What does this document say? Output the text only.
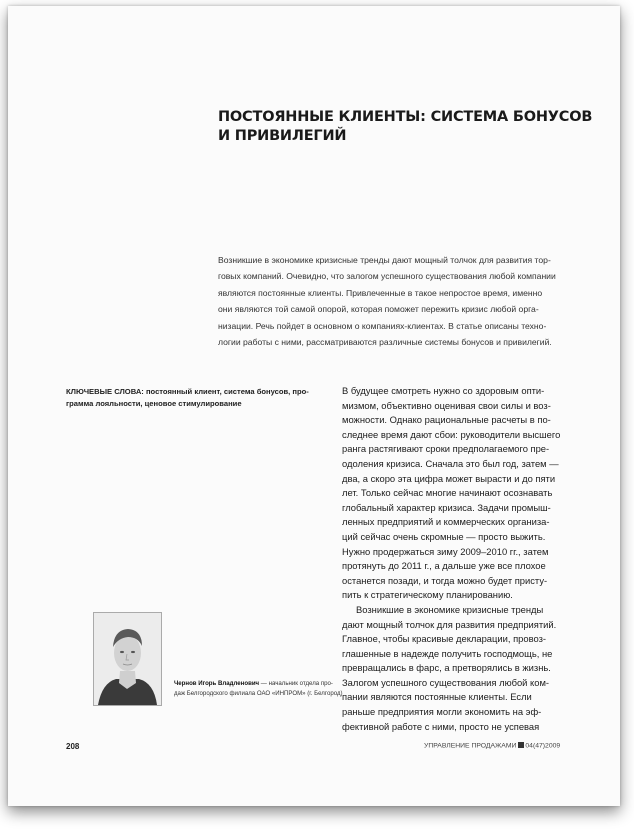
ПОСТОЯННЫЕ КЛИЕНТЫ: СИСТЕМА БОНУСОВ
И ПРИВИЛЕГИЙ
Возникшие в экономике кризисные тренды дают мощный толчок для развития тор-
говых компаний. Очевидно, что залогом успешного существования любой компании
являются постоянные клиенты. Привлеченные в такое непростое время, именно
они являются той самой опорой, которая поможет пережить кризис любой орга-
низации. Речь пойдет в основном о компаниях-клиентах. В статье описаны техно-
логии работы с ними, рассматриваются различные системы бонусов и привилегий.
КЛЮЧЕВЫЕ СЛОВА: постоянный клиент, система бонусов, про-
грамма лояльности, ценовое стимулирование
Чернов Игорь Владленович — начальник отдела про-
даж Белгородского филиала ОАО «ИНПРОМ» (г. Белгород)
В будущее смотреть нужно со здоровым опти-
мизмом, объективно оценивая свои силы и воз-
можности. Однако рациональные расчеты в по-
следнее время дают сбои: руководители высшего
ранга растягивают сроки предполагаемого пре-
одоления кризиса. Сначала это был год, затем —
два, а скоро эта цифра может вырасти и до пяти
лет. Только сейчас многие начинают осознавать
глобальный характер кризиса. Задачи промыш-
ленных предприятий и коммерческих организа-
ций сейчас очень скромные — просто выжить.
Нужно продержаться зиму 2009–2010 гг., затем
протянуть до 2011 г., а дальше уже все плохое
останется позади, и тогда можно будет присту-
пить к стратегическому планированию.
Возникшие в экономике кризисные тренды
дают мощный толчок для развития предприятий.
Главное, чтобы красивые декларации, провоз-
глашенные в надежде получить господмощь, не
превращались в фарс, а претворялись в жизнь.
Залогом успешного существования любой ком-
пании являются постоянные клиенты. Если
раньше предприятия могли экономить на эф-
фективной работе с ними, просто не успевая
208	УПРАВЛЕНИЕ ПРОДАЖАМИ 04(47)2009
